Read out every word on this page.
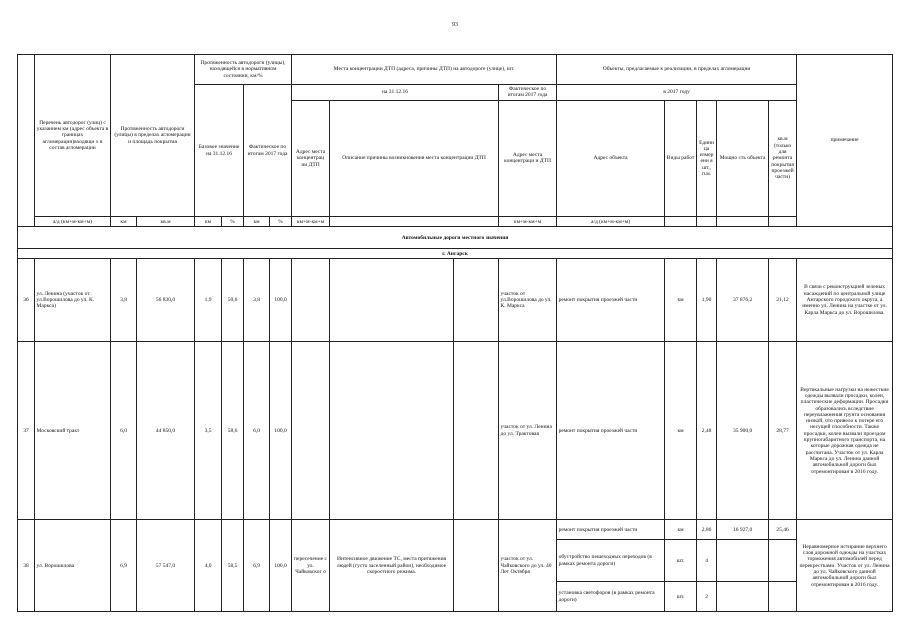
93
	Перечень автодорог (улиц) с указанием км (адрес объекта в границах агломерации)входящи х в состав агломерации	Протяженность автодороги (улицы) в пределах агломерации и площадь покрытия		Протяженность автодороги (улицы), находящейся в нормативном состоянии, км/%				Места концентрации ДТП (адреса, причины ДТП) на автодороге (улице), шт.				Объекты, предлагаемые к реализации, в пределах агломерации					примечание	
				Базовое значение на 31.12.16		Фактическое по итогам 2017 года		на 31.12.16			Фактическое по итогам 2017 года	в 2017 году						
								Адрес места концентрац ии ДТП	Описание причины возникновения места концентрации ДТП		Адрес места концентраци и ДТП	Адрес объекта	Виды работ	Единица измерени я шт., п.м.	Мощно сть объекта	кв.м (только для ремонта покрытия проезжей части)	
	а/д (км+м-км+м)	км	кв.м	км	%	км	%	км+м-км+м			км+м-км+м	а/д (км+м-км+м)						
Автомобильные дороги местного значения																		
г. Ангарск																		
36	ул. Ленина (участок от ул.Ворошилова до ул. К. Маркса)	3,8	56 830,0	1,9	50,6	3,8	100,0				участок от ул.Ворошилова до ул. К. Маркса	ремонт покрытия проезжей части	км	1,90	37 876,2	21,12	В связи с реконструкцией зеленых насаждений по центральной улице Ангарского городского округа, а именно ул. Ленина на участке от ул. Карла Маркса до ул. Ворошилова.	
37	Московский тракт	6,0	44 850,0	3,5	58,6	6,0	100,0				участок от ул. Ленина до ул. Трактовая	ремонт покрытия проезжей части	км	2,48	35 900,0	28,77	Вертикальные нагрузки на нежесткие одежды вызвали просадки, колеи, пластические деформации. Просадки образовались вследствие переувлажнения грунта основания низкой, что привело к потере его несущей способности. Также просадки, колеи вызвали проездом крупногабаритного транспорта, на которые дорожная одежда не рассчитана. Участок от ул. Карла Маркса до ул. Ленина данной автомобильной дороги был отремонтирован в 2016 году.	
38	ул. Ворошилова	6,9	57 547,0	4,0	58,5	6,9	100,0	пересечение с ул. Чайковског о	Интенсивное движение ТС, места притяжения людей (густо заселенный район), необходимое скоростного режима.		участок от ул. Чайковского до ул. 40 Лет Октября	ремонт покрытия проезжей части	км	2,86	16 927,0	25,46	Неравномерное истирание верхнего слоя дорожной одежды на участках торможения автомобилей перед перекрестками. Участок от ул. Ленина до ул. Чайковского данной автомобильной дороги был отремонтирован в 2016 году.	
												обустройство пешеходных переходов (в рамках ремонта дороги)	шт.	4				
												установка светофоров (в рамках ремонта дороги)	шт.	2				
